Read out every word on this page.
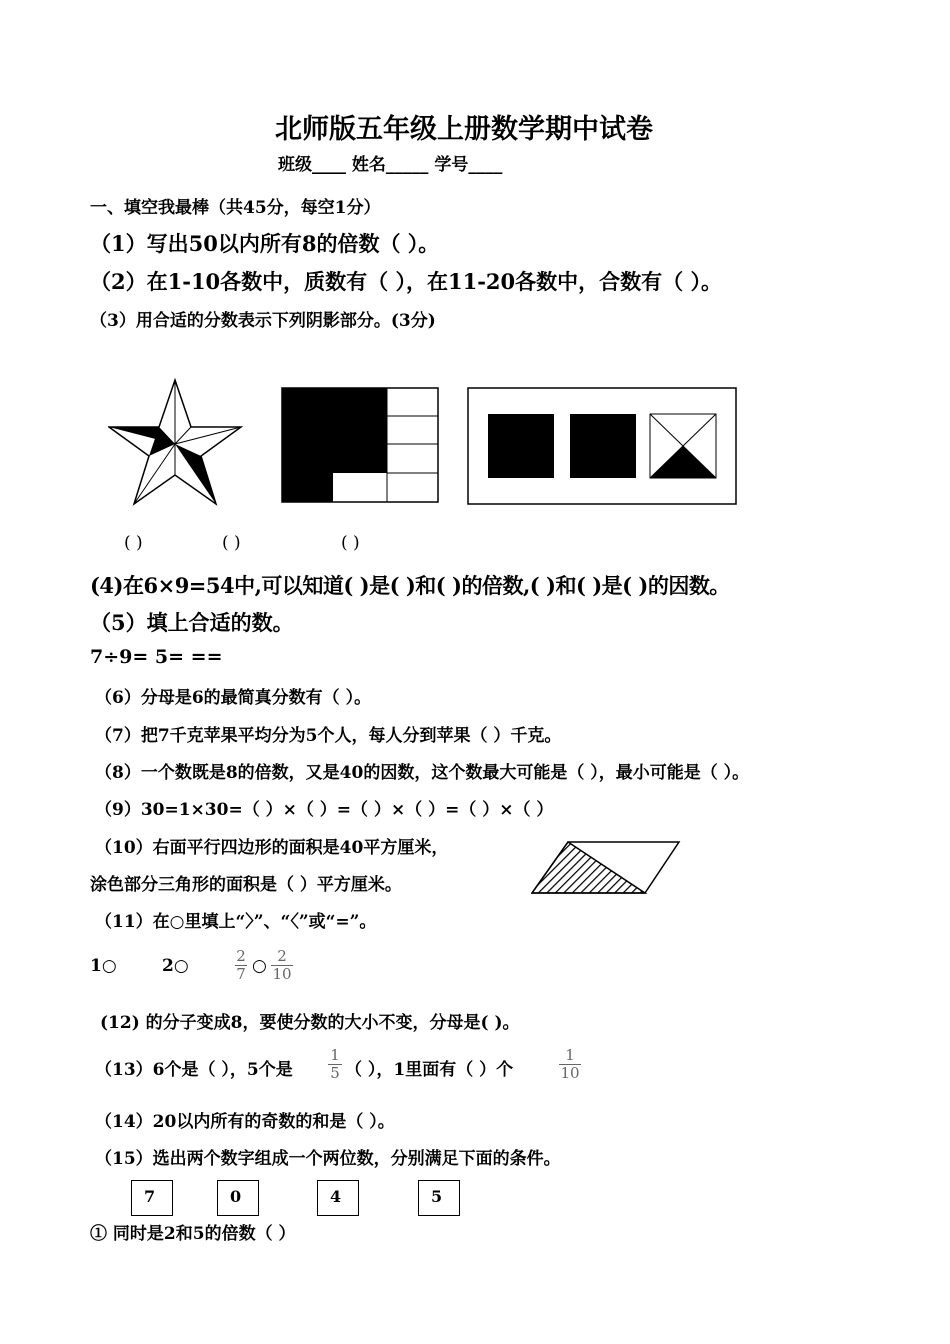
北师版五年级上册数学期中试卷
班级____ 姓名_____ 学号____
一、填空我最棒（共45分，每空1分）
（1）写出50以内所有8的倍数（ ）。
（2）在1-10各数中，质数有（ ），在11-20各数中，合数有（ ）。
（3）用合适的分数表示下列阴影部分。(3分)
( )	( )	( )
(4)在6×9=54中,可以知道( )是( )和( )的倍数,( )和( )是( )的因数。
（5）填上合适的数。
7÷9= 5= ==
（6）分母是6的最简真分数有（ ）。
（7）把7千克苹果平均分为5个人，每人分到苹果（ ）千克。
（8）一个数既是8的倍数，又是40的因数，这个数最大可能是（ ），最小可能是（ ）。
（9）30=1×30=（ ）×（ ）=（ ）×（ ）=（ ）×（ ）
（10）右面平行四边形的面积是40平方厘米，
涂色部分三角形的面积是（ ）平方厘米。
（11）在○里填上“〉”、“〈”或“=”。
1○	2○	2
7 ○ 2
10
(12) 的分子变成8，要使分数的大小不变，分母是( )。
（13）6个是（ ），5个是
1
5 （ ），1里面有（ ）个
1
10
（14）20以内所有的奇数的和是（ ）。
（15）选出两个数字组成一个两位数，分别满足下面的条件。
7	0	4	5
① 同时是2和5的倍数（ ）
